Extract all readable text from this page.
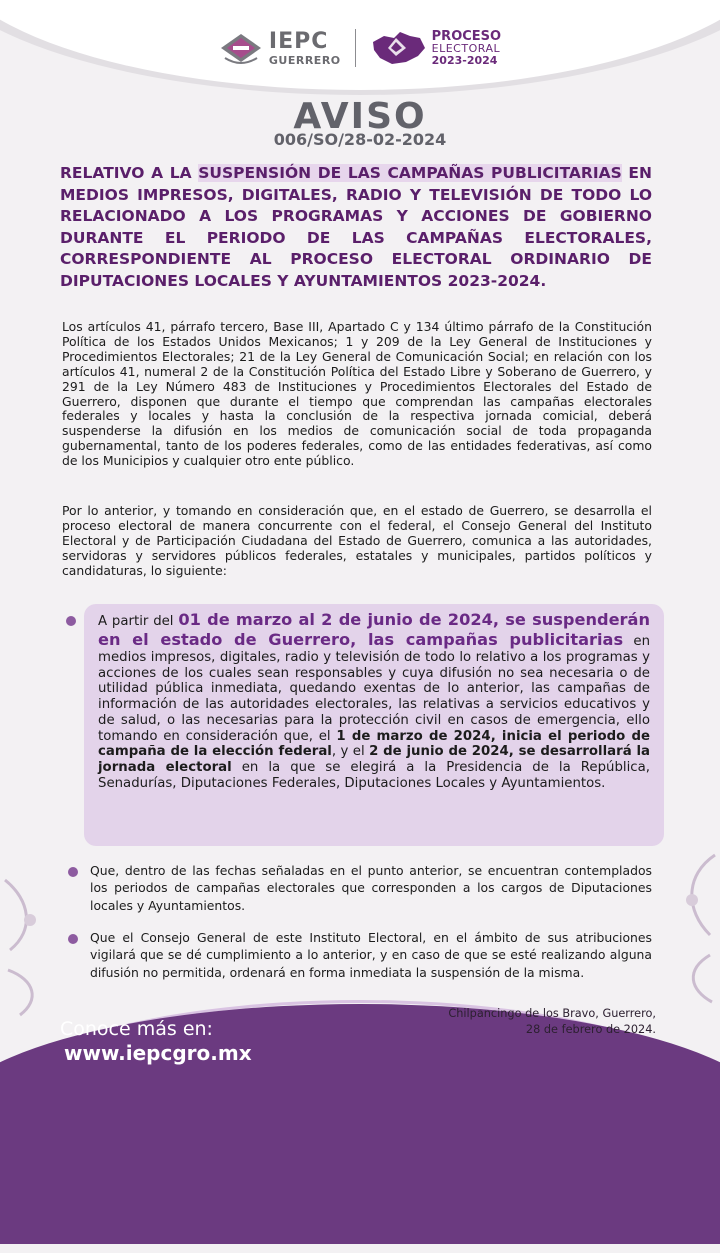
IEPC
GUERRERO
PROCESO
ELECTORAL
2023-2024
AVISO
006/SO/28-02-2024
RELATIVO A LA SUSPENSIÓN DE LAS CAMPAÑAS PUBLICITARIAS EN MEDIOS IMPRESOS, DIGITALES, RADIO Y TELEVISIÓN DE TODO LO RELACIONADO A LOS PROGRAMAS Y ACCIONES DE GOBIERNO DURANTE EL PERIODO DE LAS CAMPAÑAS ELECTORALES, CORRESPONDIENTE AL PROCESO ELECTORAL ORDINARIO DE DIPUTACIONES LOCALES Y AYUNTAMIENTOS 2023-2024.
Los artículos 41, párrafo tercero, Base III, Apartado C y 134 último párrafo de la Constitución Política de los Estados Unidos Mexicanos; 1 y 209 de la Ley General de Instituciones y Procedimientos Electorales; 21 de la Ley General de Comunicación Social; en relación con los artículos 41, numeral 2 de la Constitución Política del Estado Libre y Soberano de Guerrero, y 291 de la Ley Número 483 de Instituciones y Procedimientos Electorales del Estado de Guerrero, disponen que durante el tiempo que comprendan las campañas electorales federales y locales y hasta la conclusión de la respectiva jornada comicial, deberá suspenderse la difusión en los medios de comunicación social de toda propaganda gubernamental, tanto de los poderes federales, como de las entidades federativas, así como de los Municipios y cualquier otro ente público.
Por lo anterior, y tomando en consideración que, en el estado de Guerrero, se desarrolla el proceso electoral de manera concurrente con el federal, el Consejo General del Instituto Electoral y de Participación Ciudadana del Estado de Guerrero, comunica a las autoridades, servidoras y servidores públicos federales, estatales y municipales, partidos políticos y candidaturas, lo siguiente:
A partir del 01 de marzo al 2 de junio de 2024, se suspenderán en el estado de Guerrero, las campañas publicitarias en medios impresos, digitales, radio y televisión de todo lo relativo a los programas y acciones de los cuales sean responsables y cuya difusión no sea necesaria o de utilidad pública inmediata, quedando exentas de lo anterior, las campañas de información de las autoridades electorales, las relativas a servicios educativos y de salud, o las necesarias para la protección civil en casos de emergencia, ello tomando en consideración que, el 1 de marzo de 2024, inicia el periodo de campaña de la elección federal, y el 2 de junio de 2024, se desarrollará la jornada electoral en la que se elegirá a la Presidencia de la República, Senadurías, Diputaciones Federales, Diputaciones Locales y Ayuntamientos.
Que, dentro de las fechas señaladas en el punto anterior, se encuentran contemplados los periodos de campañas electorales que corresponden a los cargos de Diputaciones locales y Ayuntamientos.
Que el Consejo General de este Instituto Electoral, en el ámbito de sus atribuciones vigilará que se dé cumplimiento a lo anterior, y en caso de que se esté realizando alguna difusión no permitida, ordenará en forma inmediata la suspensión de la misma.
Conoce más en:
www.iepcgro.mx
Chilpancingo de los Bravo, Guerrero,
28 de febrero de 2024.
